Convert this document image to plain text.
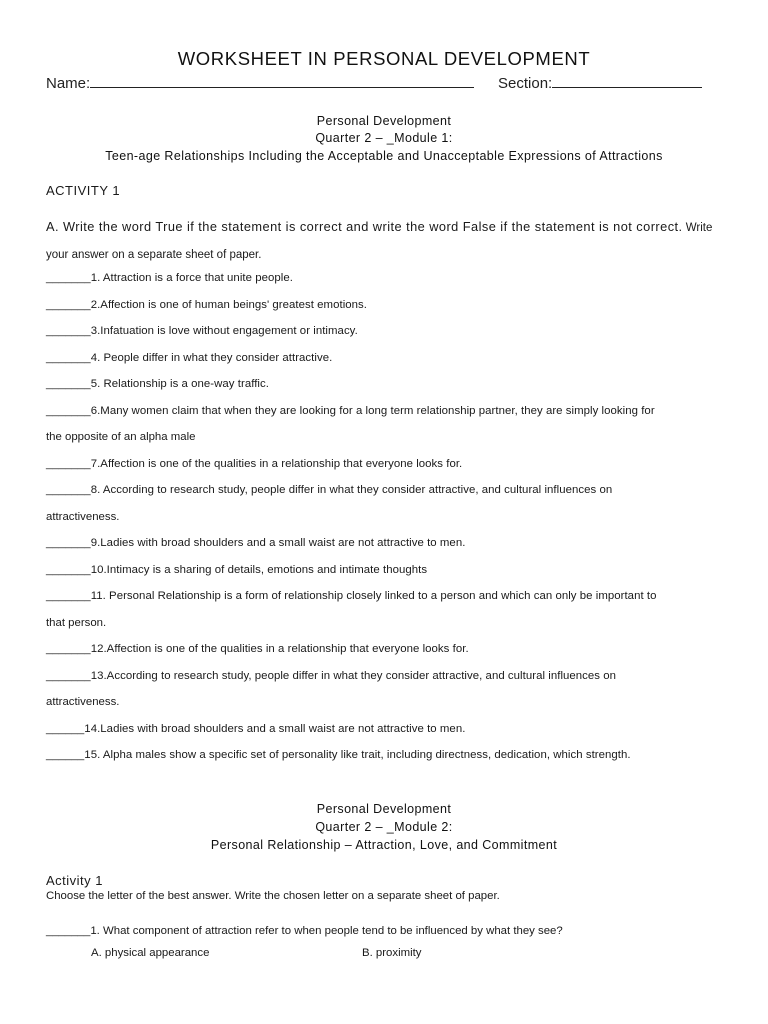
WORKSHEET IN PERSONAL DEVELOPMENT
Name:	Section:
Personal Development
Quarter 2 – _Module 1:
Teen-age Relationships Including the Acceptable and Unacceptable Expressions of Attractions
ACTIVITY 1
A. Write the word True if the statement is correct and write the word False if the statement is not correct. Write your answer on a separate sheet of paper.
_______1. Attraction is a force that unite people.
_______2.Affection is one of human beings' greatest emotions.
_______3.Infatuation is love without engagement or intimacy.
_______4. People differ in what they consider attractive.
_______5. Relationship is a one-way traffic.
_______6.Many women claim that when they are looking for a long term relationship partner, they are simply looking for
the opposite of an alpha male
_______7.Affection is one of the qualities in a relationship that everyone looks for.
_______8. According to research study, people differ in what they consider attractive, and cultural influences on
attractiveness.
_______9.Ladies with broad shoulders and a small waist are not attractive to men.
_______10.Intimacy is a sharing of details, emotions and intimate thoughts
_______11. Personal Relationship is a form of relationship closely linked to a person and which can only be important to
that person.
_______12.Affection is one of the qualities in a relationship that everyone looks for.
_______13.According to research study, people differ in what they consider attractive, and cultural influences on
attractiveness.
______14.Ladies with broad shoulders and a small waist are not attractive to men.
______15. Alpha males show a specific set of personality like trait, including directness, dedication, which strength.
Personal Development
Quarter 2 – _Module 2:
Personal Relationship – Attraction, Love, and Commitment
Activity 1
Choose the letter of the best answer. Write the chosen letter on a separate sheet of paper.
_______1. What component of attraction refer to when people tend to be influenced by what they see?
A. physical appearance	B. proximity
